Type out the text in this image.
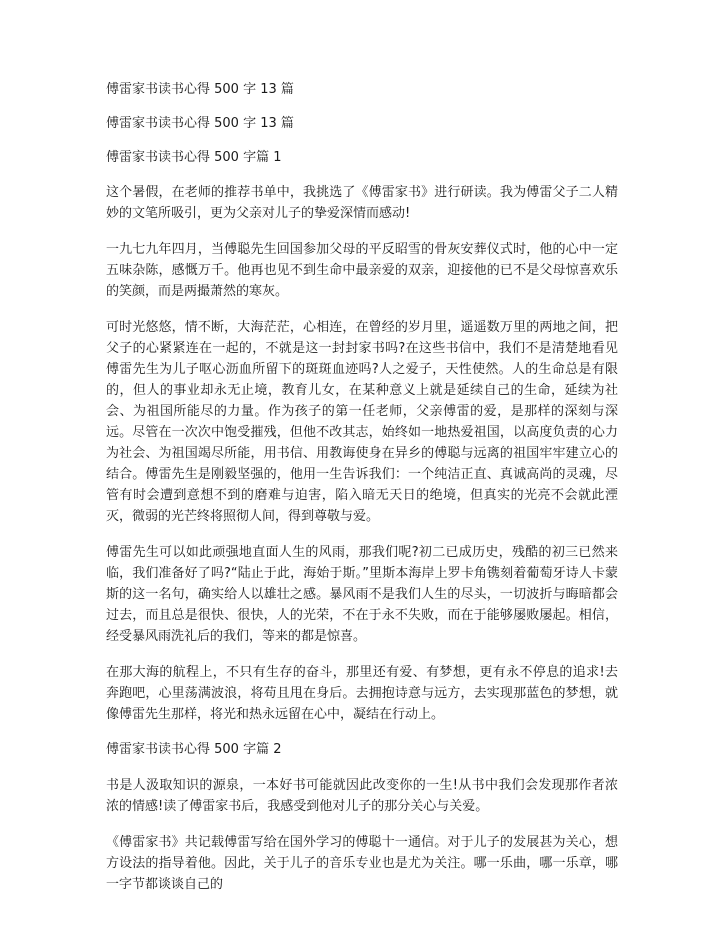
傅雷家书读书心得 500 字 13 篇

傅雷家书读书心得 500 字 13 篇

傅雷家书读书心得 500 字篇 1

这个暑假，在老师的推荐书单中，我挑选了《傅雷家书》进行研读。我为傅雷父子二人精妙的文笔所吸引，更为父亲对儿子的挚爱深情而感动!

一九七九年四月，当傅聪先生回国参加父母的平反昭雪的骨灰安葬仪式时，他的心中一定五味杂陈，感慨万千。他再也见不到生命中最亲爱的双亲，迎接他的已不是父母惊喜欢乐的笑颜，而是两撮萧然的寒灰。

可时光悠悠，情不断，大海茫茫，心相连，在曾经的岁月里，遥遥数万里的两地之间，把父子的心紧紧连在一起的，不就是这一封封家书吗?在这些书信中，我们不是清楚地看见傅雷先生为儿子呕心沥血所留下的斑斑血迹吗?人之爱子，天性使然。人的生命总是有限的，但人的事业却永无止境，教育儿女，在某种意义上就是延续自己的生命，延续为社会、为祖国所能尽的力量。作为孩子的第一任老师，父亲傅雷的爱，是那样的深刻与深远。尽管在一次次中饱受摧残，但他不改其志，始终如一地热爱祖国，以高度负责的心力为社会、为祖国竭尽所能，用书信、用教诲使身在异乡的傅聪与远离的祖国牢牢建立心的结合。傅雷先生是刚毅坚强的，他用一生告诉我们：一个纯洁正直、真诚高尚的灵魂，尽管有时会遭到意想不到的磨难与迫害，陷入暗无天日的绝境，但真实的光亮不会就此湮灭，微弱的光芒终将照彻人间，得到尊敬与爱。

傅雷先生可以如此顽强地直面人生的风雨，那我们呢?初二已成历史，残酷的初三已然来临，我们准备好了吗?“陆止于此，海始于斯。”里斯本海岸上罗卡角镌刻着葡萄牙诗人卡蒙斯的这一名句，确实给人以雄壮之感。暴风雨不是我们人生的尽头，一切波折与晦暗都会过去，而且总是很快、很快，人的光荣，不在于永不失败，而在于能够屡败屡起。相信，经受暴风雨洗礼后的我们，等来的都是惊喜。

在那大海的航程上，不只有生存的奋斗，那里还有爱、有梦想，更有永不停息的追求!去奔跑吧，心里荡满波浪，将苟且甩在身后。去拥抱诗意与远方，去实现那蓝色的梦想，就像傅雷先生那样，将光和热永远留在心中，凝结在行动上。

傅雷家书读书心得 500 字篇 2

书是人汲取知识的源泉，一本好书可能就因此改变你的一生!从书中我们会发现那作者浓浓的情感!读了傅雷家书后，我感受到他对儿子的那分关心与关爱。

《傅雷家书》共记载傅雷写给在国外学习的傅聪十一通信。对于儿子的发展甚为关心，想方设法的指导着他。因此，关于儿子的音乐专业也是尤为关注。哪一乐曲，哪一乐章，哪一字节都谈谈自己的
